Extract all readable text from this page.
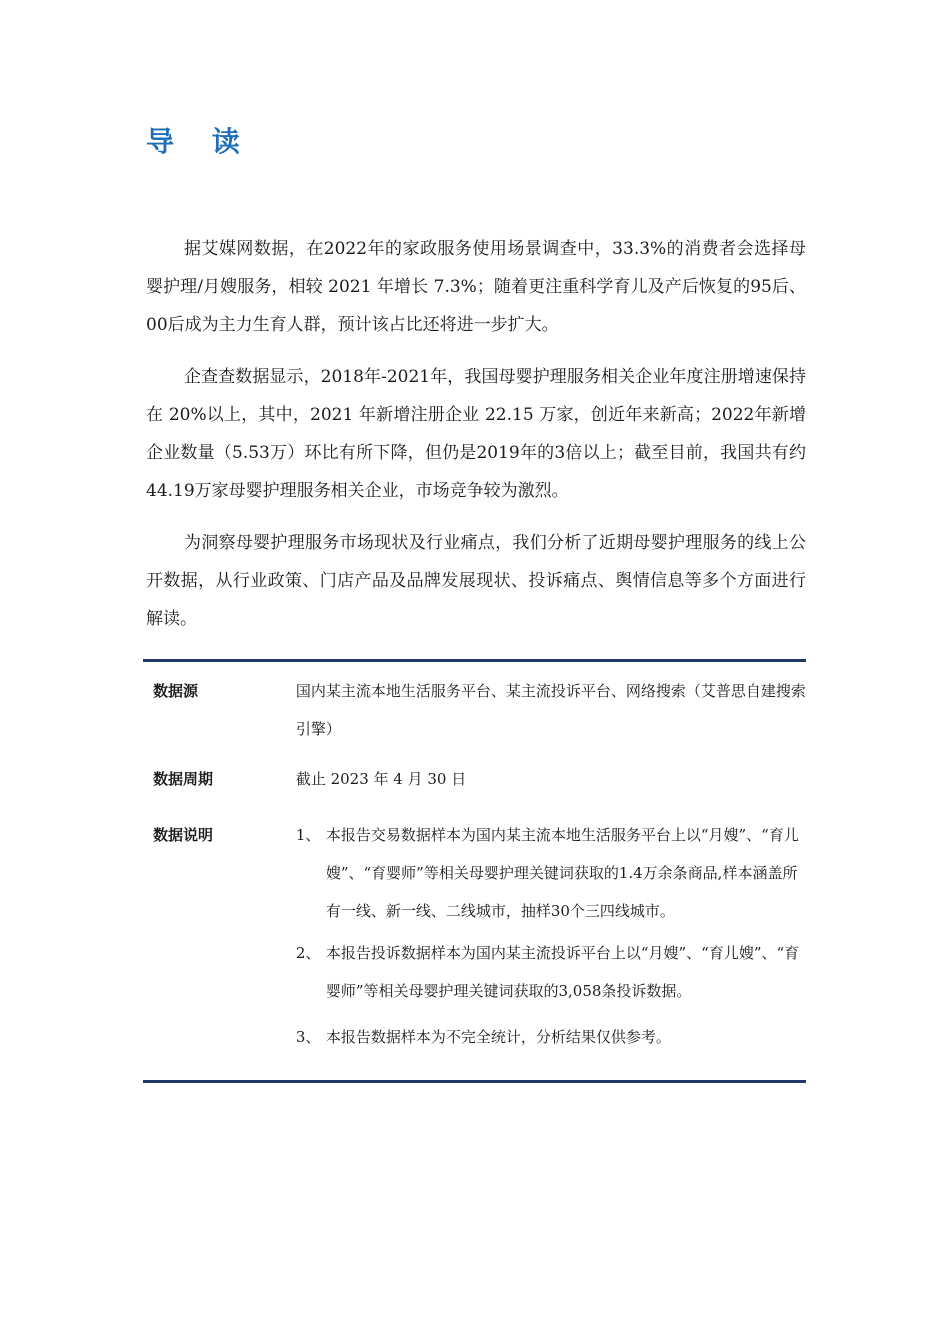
导 读

据艾媒网数据，在2022年的家政服务使用场景调查中，33.3%的消费者会选择母婴护理/月嫂服务，相较 2021 年增长 7.3%；随着更注重科学育儿及产后恢复的95后、00后成为主力生育人群，预计该占比还将进一步扩大。

企查查数据显示，2018年-2021年，我国母婴护理服务相关企业年度注册增速保持在 20%以上，其中，2021 年新增注册企业 22.15 万家，创近年来新高；2022年新增企业数量（5.53万）环比有所下降，但仍是2019年的3倍以上；截至目前，我国共有约44.19万家母婴护理服务相关企业，市场竞争较为激烈。

为洞察母婴护理服务市场现状及行业痛点，我们分析了近期母婴护理服务的线上公开数据，从行业政策、门店产品及品牌发展现状、投诉痛点、舆情信息等多个方面进行解读。

数据源	国内某主流本地生活服务平台、某主流投诉平台、网络搜索（艾普思自建搜索引擎）
数据周期	截止 2023 年 4 月 30 日
数据说明	1、 本报告交易数据样本为国内某主流本地生活服务平台上以“月嫂”、“育儿嫂”、“育婴师”等相关母婴护理关键词获取的1.4万余条商品,样本涵盖所有一线、新一线、二线城市，抽样30个三四线城市。
2、 本报告投诉数据样本为国内某主流投诉平台上以“月嫂”、“育儿嫂”、“育婴师”等相关母婴护理关键词获取的3,058条投诉数据。
3、 本报告数据样本为不完全统计，分析结果仅供参考。
